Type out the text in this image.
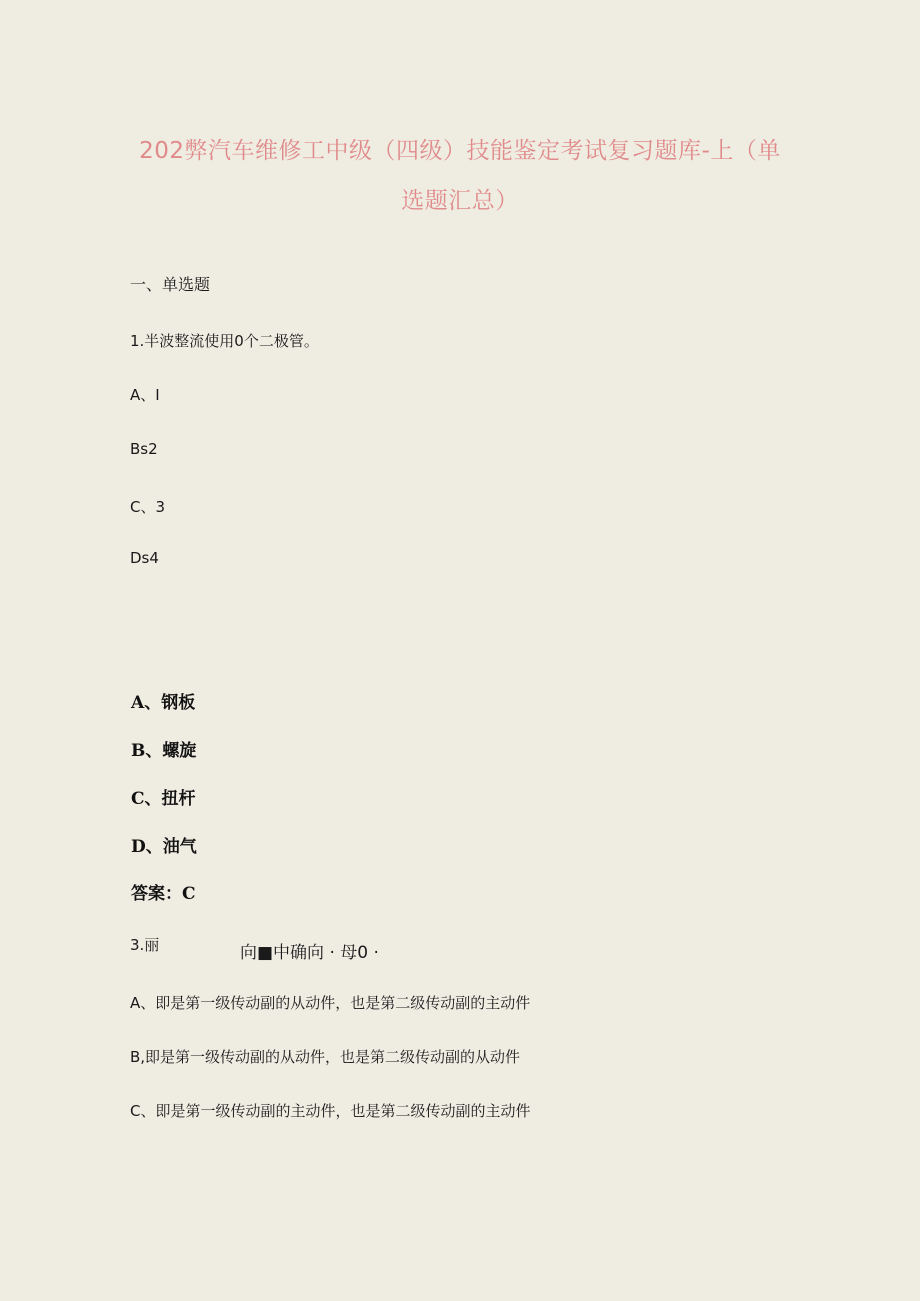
202弊汽车维修工中级（四级）技能鉴定考试复习题库-上（单
选题汇总）
一、单选题
1.半波整流使用0个二极管。
A、I
Bs2
C、3
Ds4
A、钢板
B、螺旋
C、扭杆
D、油气
答案：C
3.丽	向■中确向 · 母0 ·
A、即是第一级传动副的从动件，也是第二级传动副的主动件
B,即是第一级传动副的从动件，也是第二级传动副的从动件
C、即是第一级传动副的主动件，也是第二级传动副的主动件
